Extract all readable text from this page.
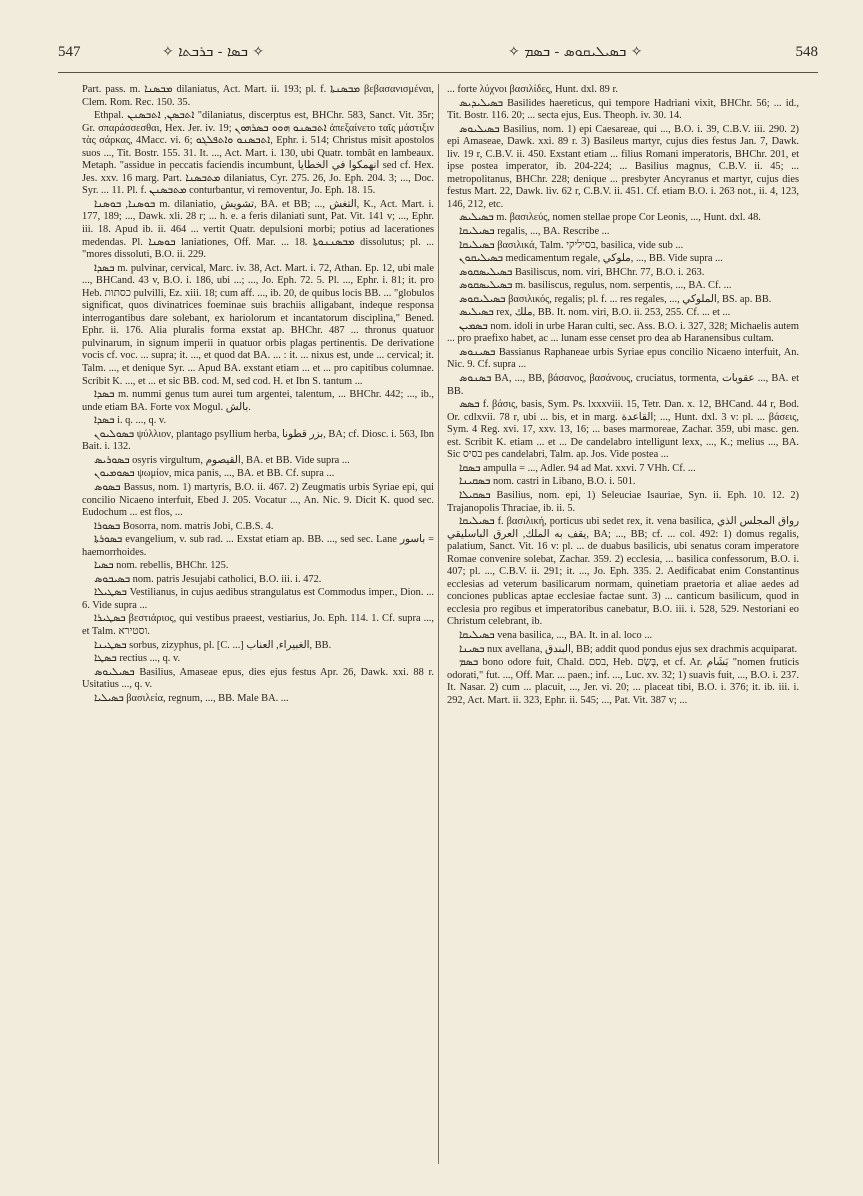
547	✧ ܒܣܐ - ܒܪܒܬܐ ✧	✧ ܒܣܝܠܝܩܘܣ - ܒܣܡ ✧	548

Part. pass. m. ܡܒܣܢܐ dilaniatus, Act. Mart. ii. 193; pl. f. ܡܒܣܢܬܐ βεβασανισμέναι, Clem. Rom. Rec. 150. 35.

Ethpal. ܐܬܒܣܢ, ܐܬܒܣܢܢ "dilaniatus, discerptus est, BHChr. 583, Sanct. Vit. 35r; Gr. σπαράσσεσθαι, Hex. Jer. iv. 19; ܐܬܒܣܢܘ ܗܘܘ ܒܣܪܗܘܢ ἀπεξαίνετο ταῖς μάστιξιν τὰς σάρκας, 4Macc. vi. 6; ܐܬܒܣܢܘ ܘܐܬܦܠܓܘ, Ephr. i. 514; Christus misit apostolos suos ..., Tit. Bostr. 155. 31. It. ..., Act. Mart. i. 130, ubi Quatr. tombât en lambeaux. Metaph. "assidue in peccatis faciendis incumbunt, انهمكوا في الخطايا sed cf. Hex. Jes. xxv. 16 marg. Part. ܡܬܒܣܢܐ dilaniatus, Cyr. 275. 26, Jo. Eph. 204. 3; ..., Doc. Syr. ... 11. Pl. f. ܡܬܒܣܢܢ conturbantur, vi removentur, Jo. Eph. 18. 15.

ܒܘܣܢܐ, ܒܘܣܢܐ m. dilaniatio, تشويش, BA. et BB; ..., التغش, K., Act. Mart. i. 177, 189; ..., Dawk. xli. 28 r; ... h. e. a feris dilaniati sunt, Pat. Vit. 141 v; ..., Ephr. iii. 18. Apud ib. ii. 464 ... vertit Quatr. depulsioni morbi; potius ad lacerationes medendas. Pl. ܒܘܣܢܐ laniationes, Off. Mar. ... 18. ܡܒܣܢܢܘܬܐ dissolutus; pl. ... "mores dissoluti, B.O. ii. 229.

ܒܣܕܐ m. pulvinar, cervical, Marc. iv. 38, Act. Mart. i. 72, Athan. Ep. 12, ubi male ..., BHCand. 43 v, B.O. i. 186, ubi ...; ..., Jo. Eph. 72. 5. Pl. ..., Ephr. i. 81; it. pro Heb. כסתות pulvilli, Ez. xiii. 18; cum aff. ..., ib. 20, de quibus locis BB. ... "globulos significat, quos divinatrices foeminae suis brachiis alligabant, indeque responsa interrogantibus dare solebant, ex hariolorum et incantatorum disciplina," Bened. Ephr. ii. 176. Alia pluralis forma exstat ap. BHChr. 487 ... thronus quatuor pulvinarum, in signum imperii in quatuor orbis plagas pertinentis. De derivatione vocis cf. voc. ... supra; it. ..., et quod dat BA. ... : it. ... nixus est, unde ... cervical; it. Talm. ..., et denique Syr. ... Apud BA. exstant etiam ... et ... pro capitibus columnae. Scribit K. ..., et ... et sic BB. cod. M, sed cod. H. et Ibn S. tantum ...

ܒܣܕܐ m. nummi genus tum aurei tum argentei, talentum, ... BHChr. 442; ..., ib., unde etiam BA. Forte vox Mogul. بالش.

ܒܣܕܐ i. q. ..., q. v.

ܒܣܘܠܝܘܢ ψύλλιον, plantago psyllium herba, بزر قطونا, BA; cf. Diosc. i. 563, Ibn Bait. i. 132.

ܒܣܘܪܝܣ osyris virgultum, القيصوم, BA. et BB. Vide supra ...

ܒܣܘܡܝܘܢ ψωμίον, mica panis, ..., BA. et BB. Cf. supra ...

ܒܣܘܣ Bassus, nom. 1) martyris, B.O. ii. 467. 2) Zeugmatis urbis Syriae epi, qui concilio Nicaeno interfuit, Ebed J. 205. Vocatur ..., An. Nic. 9. Dicit K. quod sec. Eudochum ... est flos, ...

ܒܣܘܪܐ Bosorra, nom. matris Jobi, C.B.S. 4.

ܒܣܘܪܬܐ evangelium, v. sub rad. ... Exstat etiam ap. BB. ..., sed sec. Lane باسور = haemorrhoides.

ܒܣܝܐ nom. rebellis, BHChr. 125.

ܒܣܝܒܘܣ nom. patris Jesujabi catholici, B.O. iii. i. 472.

ܒܣܛܝܠܐ Vestilianus, in cujus aedibus strangulatus est Commodus imper., Dion. ... 6. Vide supra ...

ܒܣܛܝܪܐ βεστιάριος, qui vestibus praeest, vestiarius, Jo. Eph. 114. 1. Cf. supra ..., et Talm. וסטירא.

ܒܣܛܝܢܐ sorbus, zizyphus, pl. [C. ...] الغبيراء, العناب, BB.

ܒܣܛܐ rectius ..., q. v.

ܒܣܝܠܝܘܣ Basilius, Amaseae epus, dies ejus festus Apr. 26, Dawk. xxi. 88 r. Usitatius ..., q. v.

ܒܣܝܠܝܐ βασιλεία, regnum, ..., BB. Male BA. ...

... forte λύχνοι βασιλίδες, Hunt. dxl. 89 r.

ܒܣܝܠܝܕܝܣ Basilides haereticus, qui tempore Hadriani vixit, BHChr. 56; ... id., Tit. Bostr. 116. 20; ... secta ejus, Eus. Theoph. iv. 30. 14.

ܒܣܝܠܝܘܣ Basilius, nom. 1) epi Caesareae, qui ..., B.O. i. 39, C.B.V. iii. 290. 2) epi Amaseae, Dawk. xxi. 89 r. 3) Basileus martyr, cujus dies festus Jan. 7, Dawk. liv. 19 r, C.B.V. ii. 450. Exstant etiam ... filius Romani imperatoris, BHChr. 201, et ipse postea imperator, ib. 204-224; ... Basilius magnus, C.B.V. ii. 45; ... metropolitanus, BHChr. 228; denique ... presbyter Ancyranus et martyr, cujus dies festus Mart. 22, Dawk. liv. 62 r, C.B.V. ii. 451. Cf. etiam B.O. i. 263 not., ii. 4, 123, 146, 212, etc.

ܒܣܝܠܝܣ m. βασιλεύς, nomen stellae prope Cor Leonis, ..., Hunt. dxl. 48.

ܒܣܝܠܝܩܐ regalis, ..., BA. Rescribe ...

ܒܣܝܠܝܩܐ βασιλικά, Talm. בסיליקי, basilica, vide sub ...

ܒܣܝܠܝܩܘܢ medicamentum regale, ملوكي, ..., BB. Vide supra ...

ܒܣܝܠܝܣܩܘܣ Basiliscus, nom. viri, BHChr. 77, B.O. i. 263.

ܒܣܝܠܝܣܩܘܣ m. basiliscus, regulus, nom. serpentis, ..., BA. Cf. ...

ܒܣܝܠܝܩܘܣ βασιλικός, regalis; pl. f. ... res regales, ..., الملوكي, BS. ap. BB.

ܒܣܝܠܝܣ rex, ملك, BB. It. nom. viri, B.O. ii. 253, 255. Cf. ... et ...

ܒܣܡܝܢ nom. idoli in urbe Haran culti, sec. Ass. B.O. i. 327, 328; Michaelis autem ... pro praefixo habet, ac ... lunam esse censet pro dea ab Haranensibus cultam.

ܒܣܝܢܘܣ Bassianus Raphaneae urbis Syriae epus concilio Nicaeno interfuit, An. Nic. 9. Cf. supra ...

ܒܣܢܘܣ BA, ..., BB, βάσανος, βασάνους, cruciatus, tormenta, عقوبات ..., BA. et BB.

ܒܣܣ f. βάσις, basis, Sym. Ps. lxxxviii. 15, Tetr. Dan. x. 12, BHCand. 44 r, Bod. Or. cdlxvii. 78 r, ubi ... bis, et in marg. القاعدة; ..., Hunt. dxl. 3 v: pl. ... βάσεις, Sym. 4 Reg. xvi. 17, xxv. 13, 16; ... bases marmoreae, Zachar. 359, ubi masc. gen. est. Scribit K. etiam ... et ... De candelabro intelligunt lexx, ..., K.; melius ..., BA. Sic בסיס pes candelabri, Talm. ap. Jos. Vide postea ...

ܒܣܩܐ ampulla = ..., Adler. 94 ad Mat. xxvi. 7 VHh. Cf. ...

ܒܣܩܝܢܐ nom. castri in Libano, B.O. i. 501.

ܒܣܩܝܠܐ Basilius, nom. epi, 1) Seleuciae Isauriae, Syn. ii. Eph. 10. 12. 2) Trajanopolis Thraciae, ib. ii. 5.

ܒܣܝܠܝܩܐ f. βασιλική, porticus ubi sedet rex, it. vena basilica, رواق المجلس الذي يقف به الملك, العرق الباسليقي, BA; ..., BB; cf. ... col. 492: 1) domus regalis, palatium, Sanct. Vit. 16 v: pl. ... de duabus basilicis, ubi senatus coram imperatore Romae convenire solebat, Zachar. 359. 2) ecclesia, ... basilica confessorum, B.O. i. 407; pl. ..., C.B.V. ii. 291; it. ..., Jo. Eph. 335. 2. Aedificabat enim Constantinus ecclesias ad veterum basilicarum normam, quinetiam praetoria et aliae aedes ad conciones publicas aptae ecclesiae factae sunt. 3) ... canticum basilicum, quod in ecclesia pro regibus et imperatoribus canebatur, B.O. iii. i. 528, 529. Nestoriani eo Christum celebrant, ib.

ܒܣܝܠܝܩܐ vena basilica, ..., BA. It. in al. loco ...

ܒܣܝܢܐ nux avellana, البندق, BB; addit quod pondus ejus sex drachmis acquiparat.

ܒܣܡ bono odore fuit, Chald. בסם, Heb. בָּשָׂם, et cf. Ar. بَشَام "nomen fruticis odorati," fut. ..., Off. Mar. ... paen.; inf. ..., Luc. xv. 32; 1) suavis fuit, ..., B.O. i. 237. It. Nasar. 2) cum ... placuit, ..., Jer. vi. 20; ... placeat tibi, B.O. i. 376; it. ib. iii. i. 292, Act. Mart. ii. 323, Ephr. ii. 545; ..., Pat. Vit. 387 v; ...
